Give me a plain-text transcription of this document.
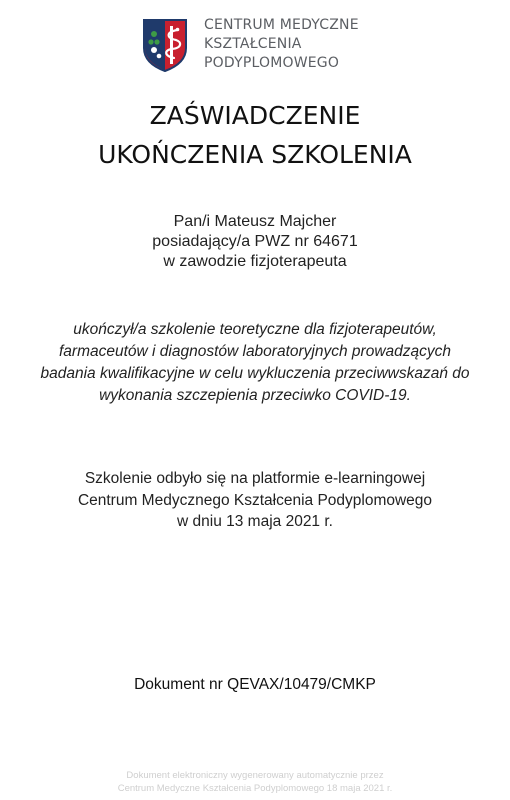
CENTRUM MEDYCZNE
KSZTAŁCENIA
PODYPLOMOWEGO
ZAŚWIADCZENIE
UKOŃCZENIA SZKOLENIA
Pan/i Mateusz Majcher
posiadający/a PWZ nr 64671
w zawodzie fizjoterapeuta
ukończył/a szkolenie teoretyczne dla fizjoterapeutów,
farmaceutów i diagnostów laboratoryjnych prowadzących
badania kwalifikacyjne w celu wykluczenia przeciwwskazań do
wykonania szczepienia przeciwko COVID-19.
Szkolenie odbyło się na platformie e-learningowej
Centrum Medycznego Kształcenia Podyplomowego
w dniu 13 maja 2021 r.
Dokument nr QEVAX/10479/CMKP
Dokument elektroniczny wygenerowany automatycznie przez
Centrum Medyczne Kształcenia Podyplomowego 18 maja 2021 r.
